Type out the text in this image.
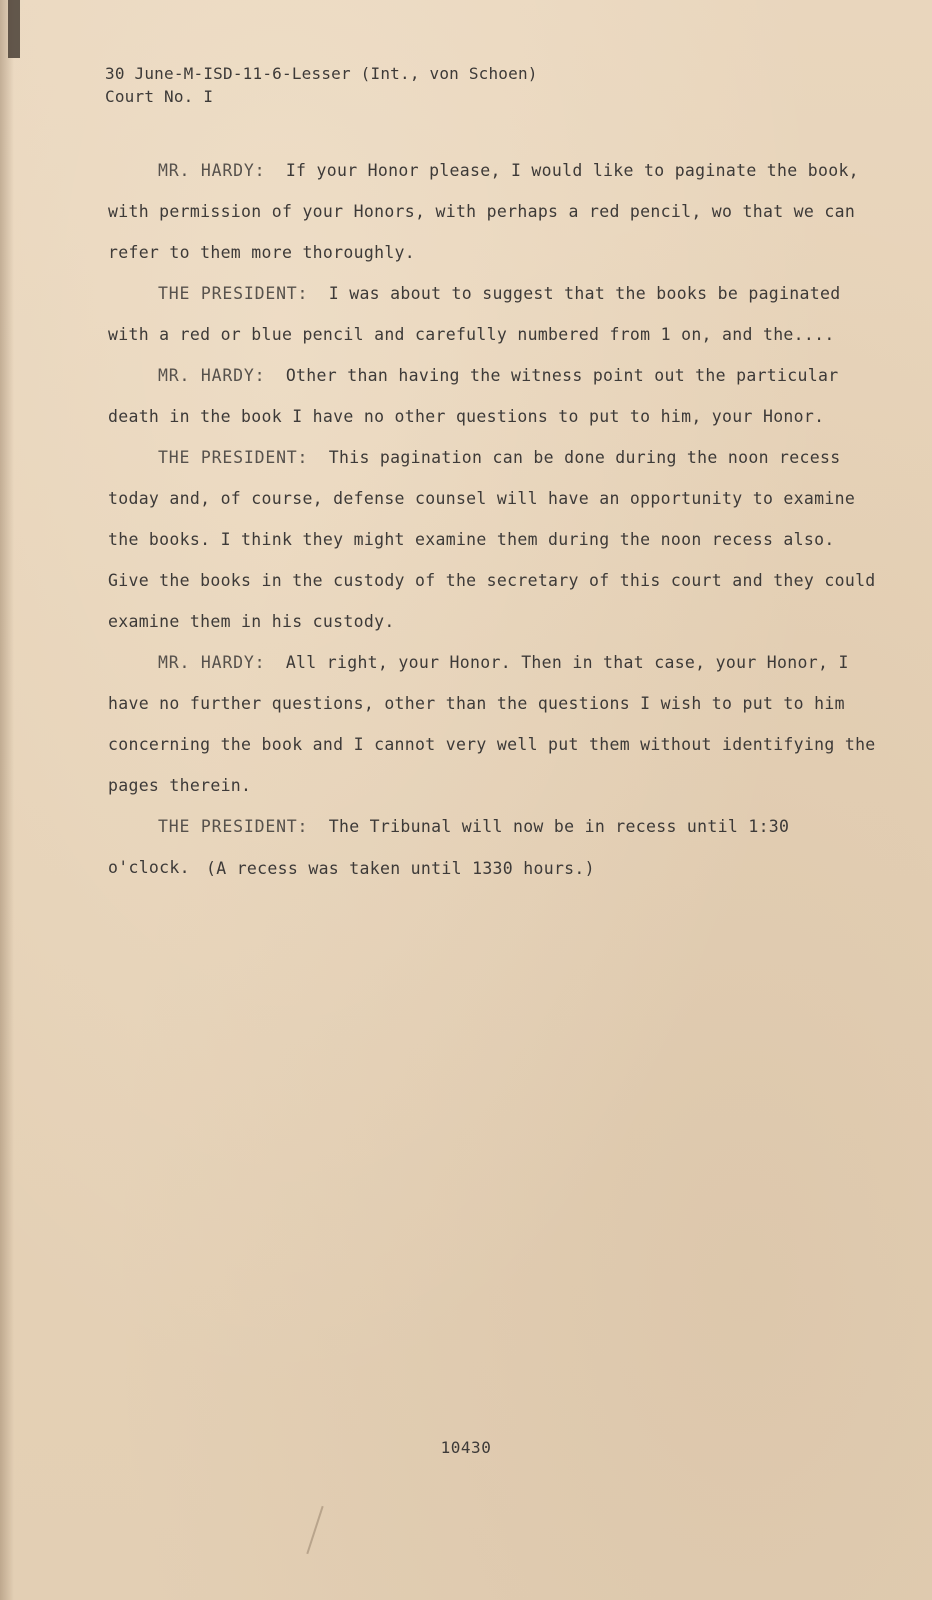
30 June-M-ISD-11-6-Lesser (Int., von Schoen)
Court No. I
MR. HARDY: If your Honor please, I would like to paginate the book, with permission of your Honors, with perhaps a red pencil, wo that we can refer to them more thoroughly.
THE PRESIDENT: I was about to suggest that the books be paginated with a red or blue pencil and carefully numbered from 1 on, and the....
MR. HARDY: Other than having the witness point out the particular death in the book I have no other questions to put to him, your Honor.
THE PRESIDENT: This pagination can be done during the noon recess today and, of course, defense counsel will have an opportunity to examine the books. I think they might examine them during the noon recess also. Give the books in the custody of the secretary of this court and they could examine them in his custody.
MR. HARDY: All right, your Honor. Then in that case, your Honor, I have no further questions, other than the questions I wish to put to him concerning the book and I cannot very well put them without identifying the pages therein.
THE PRESIDENT: The Tribunal will now be in recess until 1:30 o'clock. (A recess was taken until 1330 hours.)
10430
